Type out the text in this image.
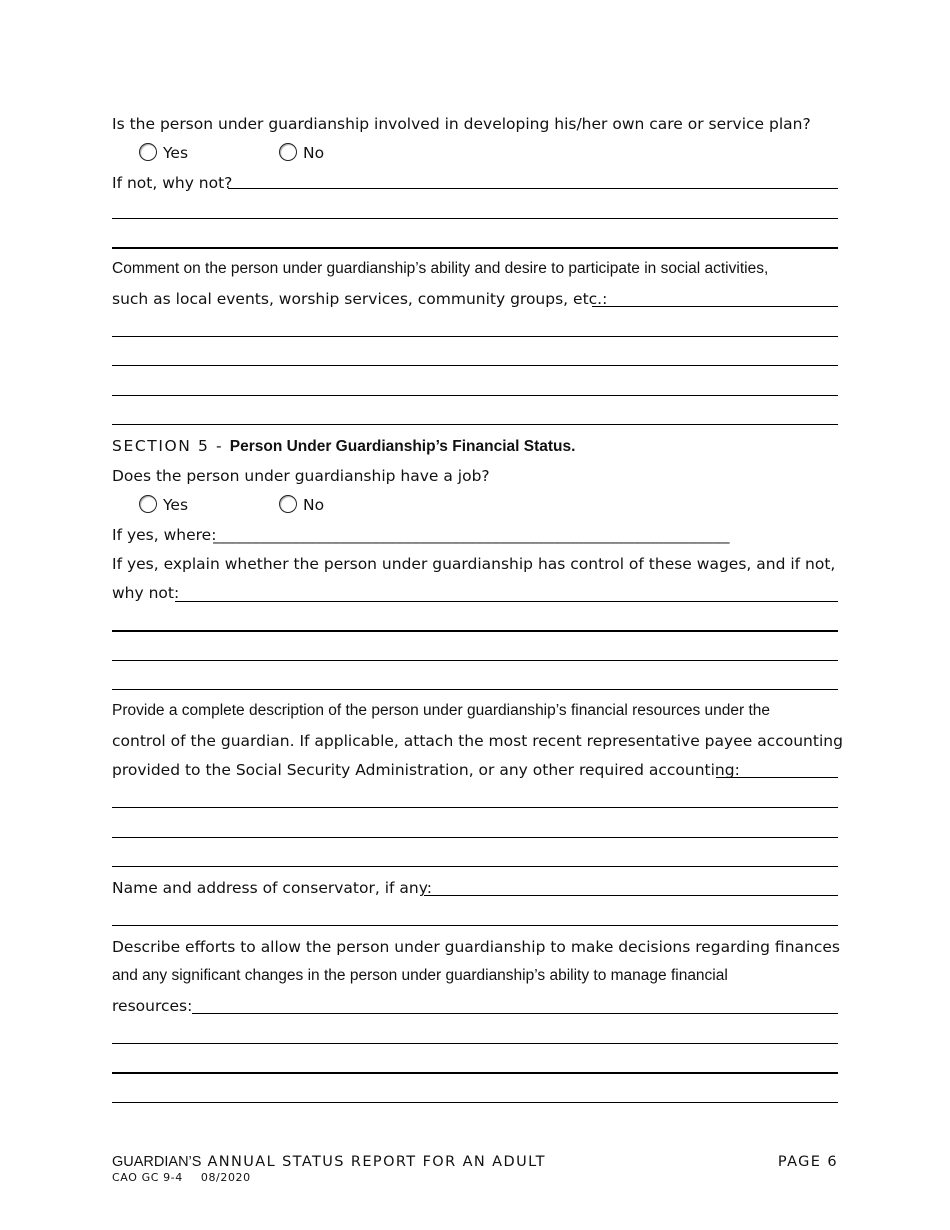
Is the person under guardianship involved in developing his/her own care or service plan?
Yes	No
If not, why not?
Comment on the person under guardianship’s ability and desire to participate in social activities,
such as local events, worship services, community groups, etc.:
SECTION 5 - Person Under Guardianship’s Financial Status.
Does the person under guardianship have a job?
Yes	No
If yes, where:
_________________________________________________________________
If yes, explain whether the person under guardianship has control of these wages, and if not,
why not:
Provide a complete description of the person under guardianship’s financial resources under the
control of the guardian. If applicable, attach the most recent representative payee accounting
provided to the Social Security Administration, or any other required accounting:
Name and address of conservator, if any:
Describe efforts to allow the person under guardianship to make decisions regarding finances
and any significant changes in the person under guardianship’s ability to manage financial
resources:
GUARDIAN’S ANNUAL STATUS REPORT FOR AN ADULT	PAGE 6
CAO GC 9-4 08/2020
